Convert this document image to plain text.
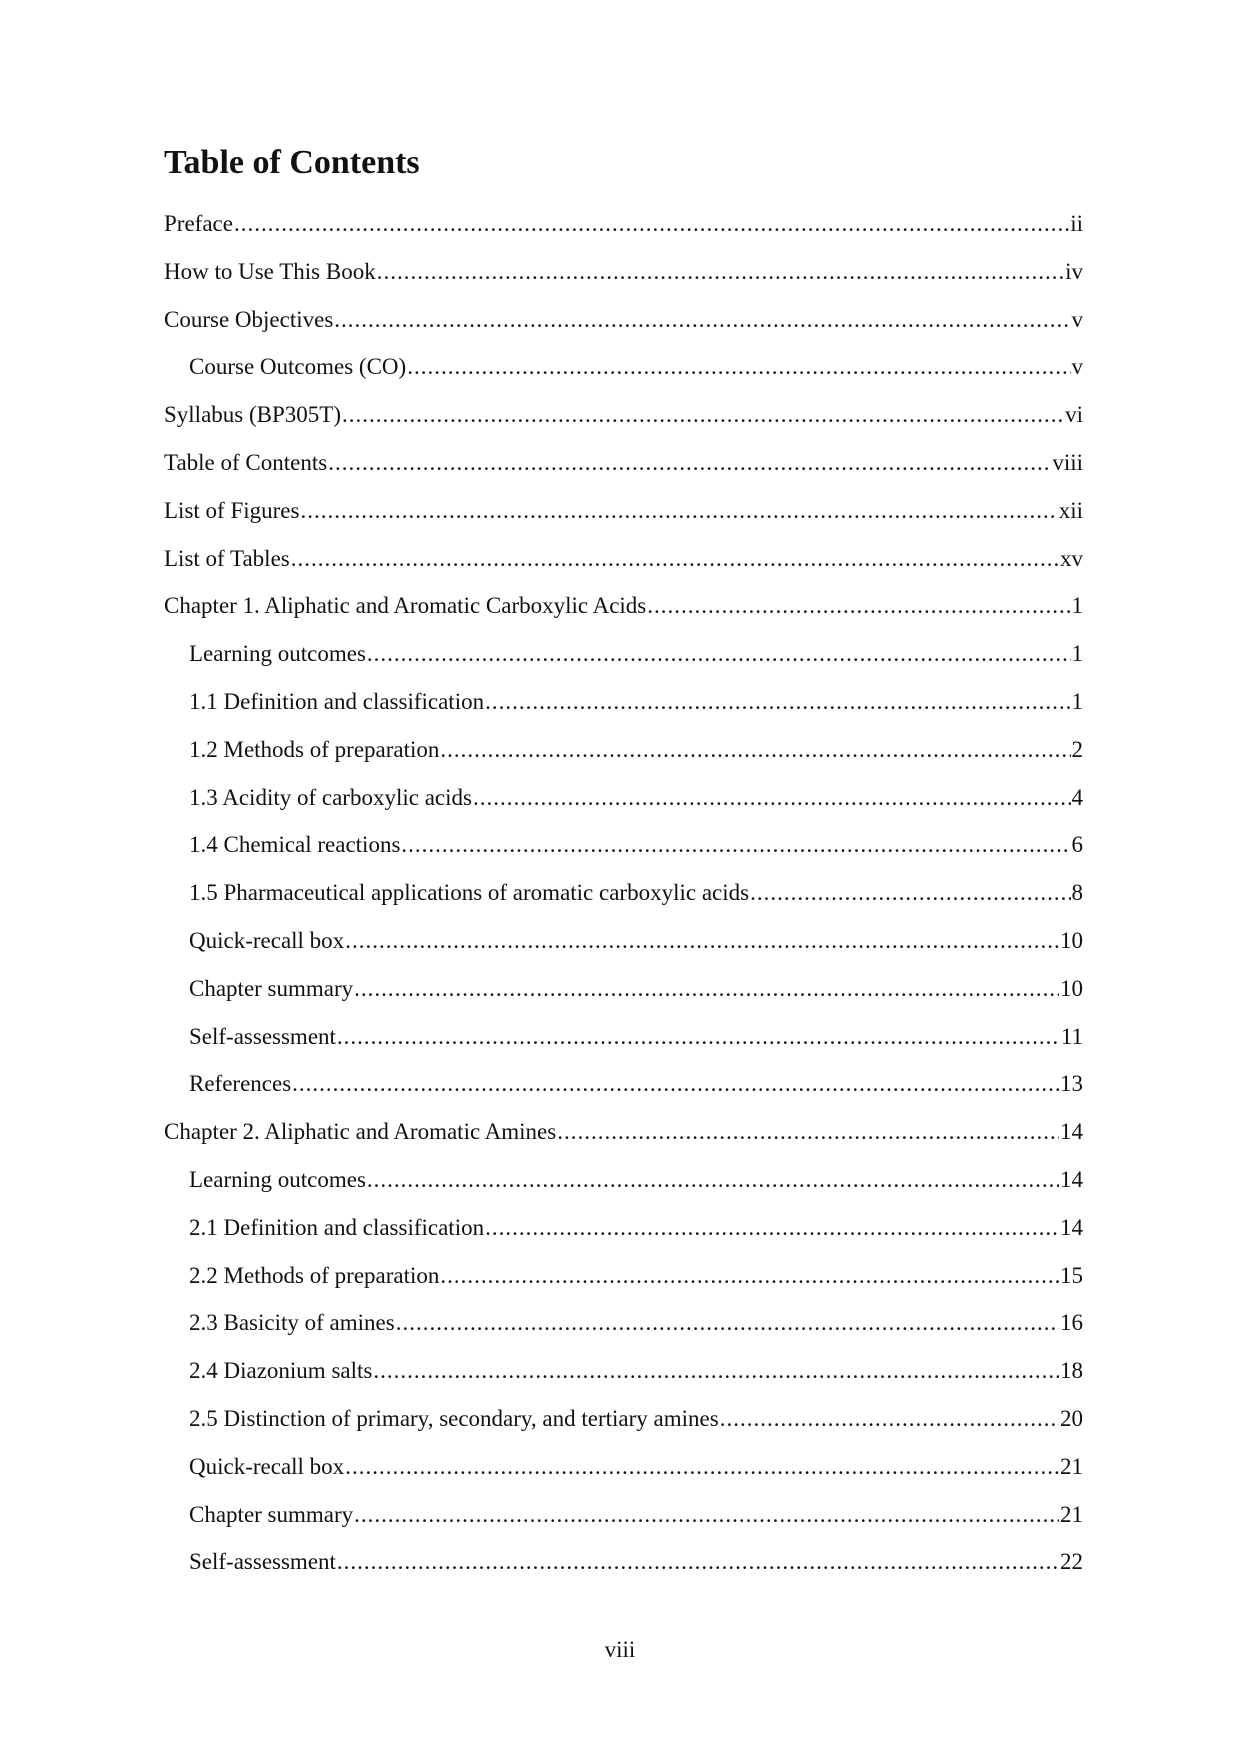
Table of Contents
Preface .....	ii
How to Use This Book .....	iv
Course Objectives .....	v
Course Outcomes (CO) .....	v
Syllabus (BP305T) .....	vi
Table of Contents .....	viii
List of Figures .....	xii
List of Tables .....	xv
Chapter 1. Aliphatic and Aromatic Carboxylic Acids .....	1
Learning outcomes .....	1
1.1 Definition and classification .....	1
1.2 Methods of preparation .....	2
1.3 Acidity of carboxylic acids .....	4
1.4 Chemical reactions .....	6
1.5 Pharmaceutical applications of aromatic carboxylic acids .....	8
Quick-recall box .....	10
Chapter summary .....	10
Self-assessment .....	11
References .....	13
Chapter 2. Aliphatic and Aromatic Amines .....	14
Learning outcomes .....	14
2.1 Definition and classification .....	14
2.2 Methods of preparation .....	15
2.3 Basicity of amines .....	16
2.4 Diazonium salts .....	18
2.5 Distinction of primary, secondary, and tertiary amines .....	20
Quick-recall box .....	21
Chapter summary .....	21
Self-assessment .....	22
viii
